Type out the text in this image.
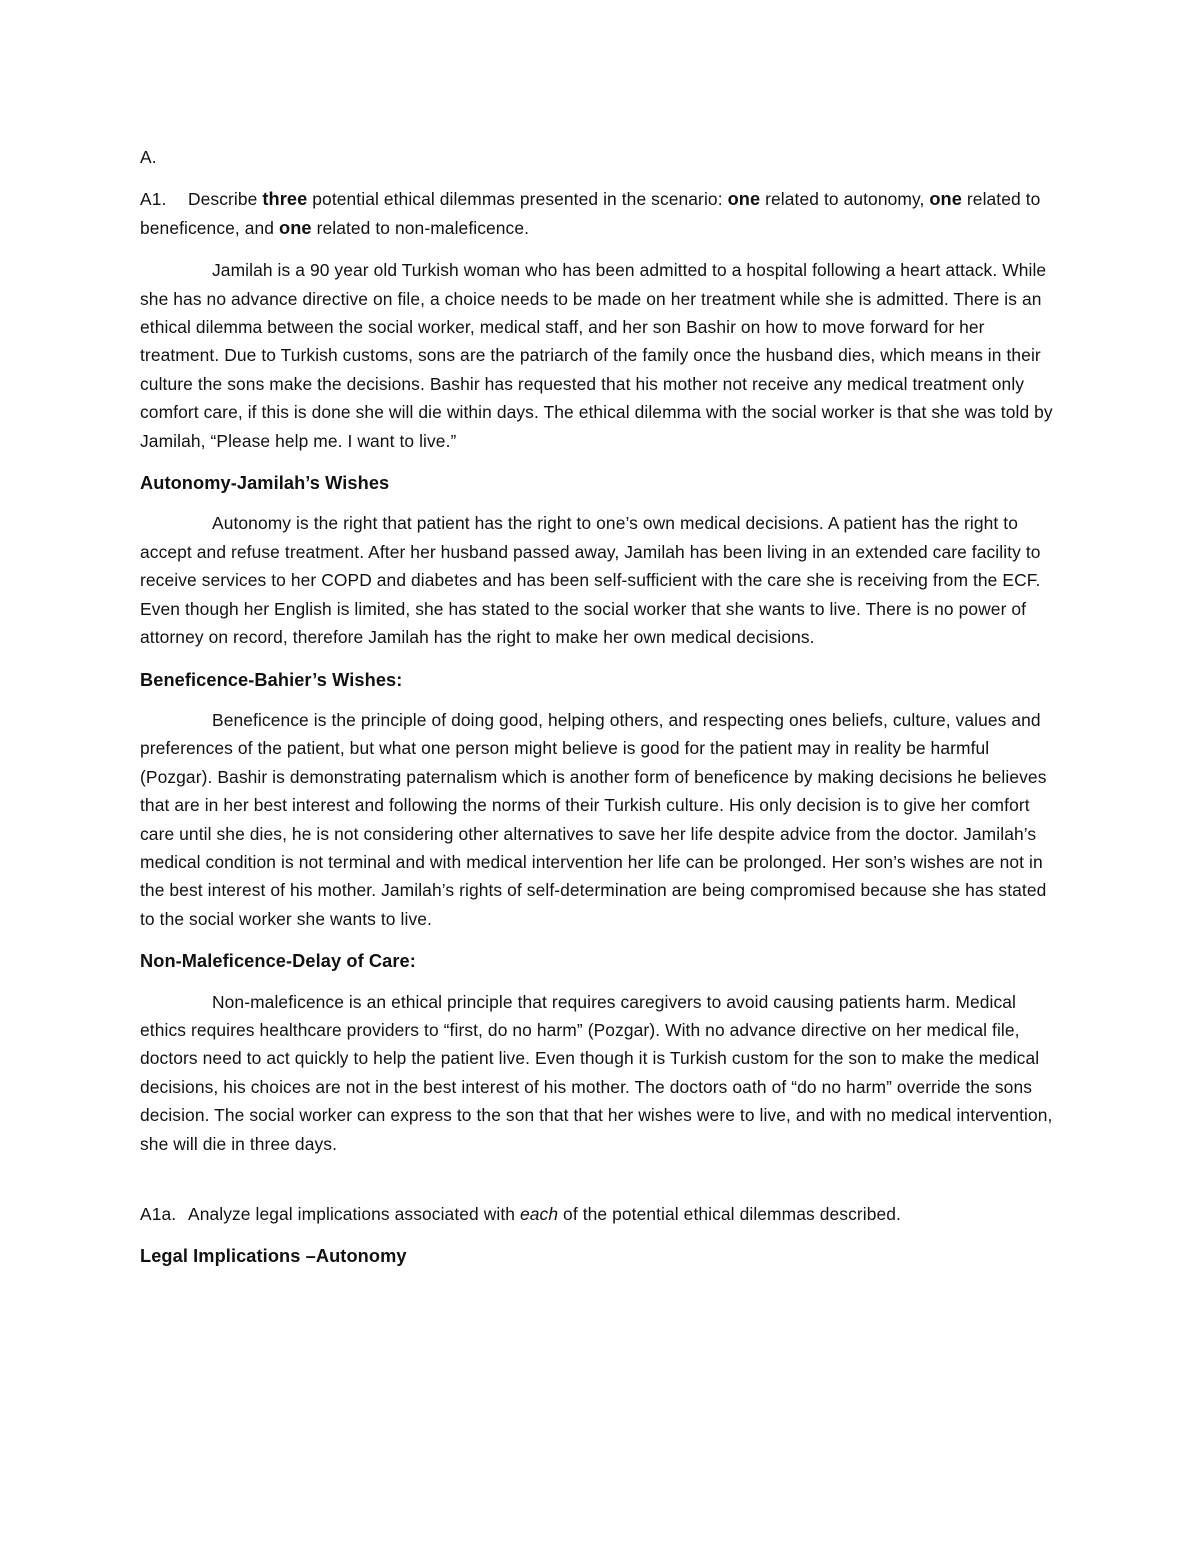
A.

A1. Describe three potential ethical dilemmas presented in the scenario: one related to autonomy, one related to beneficence, and one related to non-maleficence.

Jamilah is a 90 year old Turkish woman who has been admitted to a hospital following a heart attack. While she has no advance directive on file, a choice needs to be made on her treatment while she is admitted. There is an ethical dilemma between the social worker, medical staff, and her son Bashir on how to move forward for her treatment. Due to Turkish customs, sons are the patriarch of the family once the husband dies, which means in their culture the sons make the decisions. Bashir has requested that his mother not receive any medical treatment only comfort care, if this is done she will die within days. The ethical dilemma with the social worker is that she was told by Jamilah, “Please help me. I want to live.”

Autonomy-Jamilah’s Wishes

Autonomy is the right that patient has the right to one’s own medical decisions. A patient has the right to accept and refuse treatment. After her husband passed away, Jamilah has been living in an extended care facility to receive services to her COPD and diabetes and has been self-sufficient with the care she is receiving from the ECF. Even though her English is limited, she has stated to the social worker that she wants to live. There is no power of attorney on record, therefore Jamilah has the right to make her own medical decisions.

Beneficence-Bahier’s Wishes:

Beneficence is the principle of doing good, helping others, and respecting ones beliefs, culture, values and preferences of the patient, but what one person might believe is good for the patient may in reality be harmful (Pozgar). Bashir is demonstrating paternalism which is another form of beneficence by making decisions he believes that are in her best interest and following the norms of their Turkish culture. His only decision is to give her comfort care until she dies, he is not considering other alternatives to save her life despite advice from the doctor. Jamilah’s medical condition is not terminal and with medical intervention her life can be prolonged. Her son’s wishes are not in the best interest of his mother. Jamilah’s rights of self-determination are being compromised because she has stated to the social worker she wants to live.

Non-Maleficence-Delay of Care:

Non-maleficence is an ethical principle that requires caregivers to avoid causing patients harm. Medical ethics requires healthcare providers to “first, do no harm” (Pozgar). With no advance directive on her medical file, doctors need to act quickly to help the patient live. Even though it is Turkish custom for the son to make the medical decisions, his choices are not in the best interest of his mother. The doctors oath of “do no harm” override the sons decision. The social worker can express to the son that that her wishes were to live, and with no medical intervention, she will die in three days.

A1a. Analyze legal implications associated with each of the potential ethical dilemmas described.

Legal Implications –Autonomy
